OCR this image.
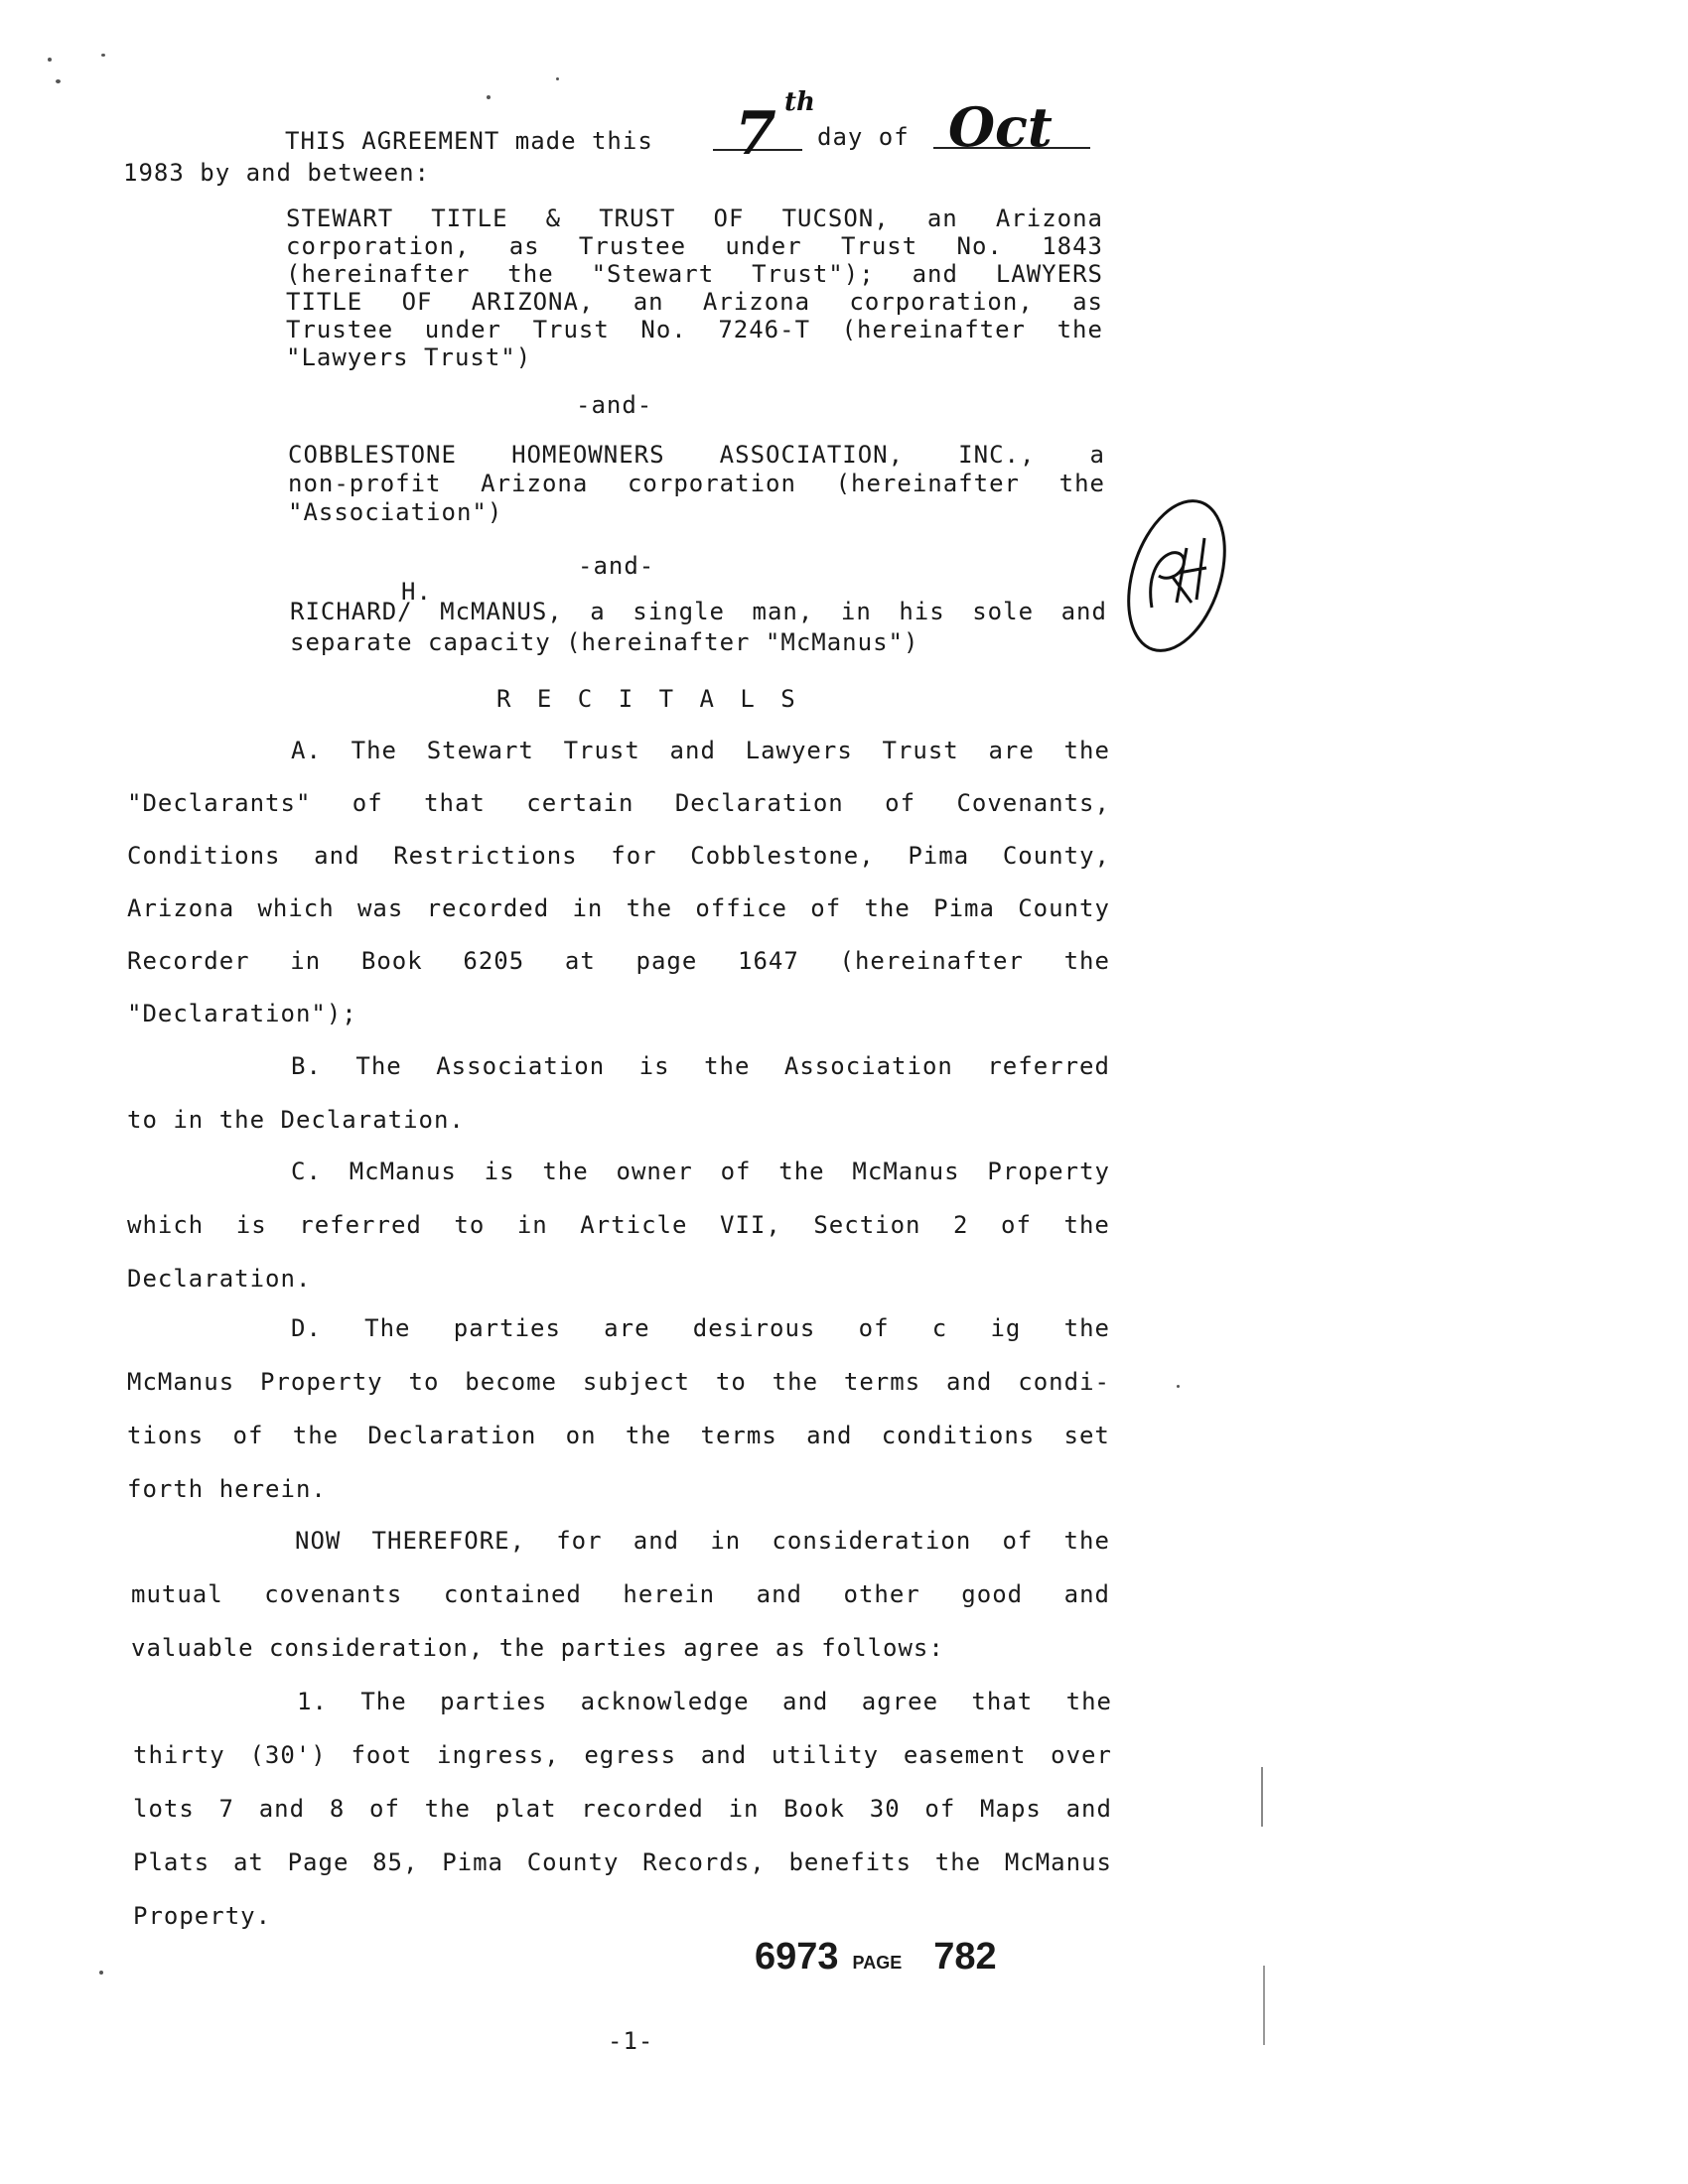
THIS AGREEMENT made this 7 th
day of Oct
1983 by and between:
STEWART TITLE & TRUST OF TUCSON, an Arizona
corporation, as Trustee under Trust No. 1843
(hereinafter the "Stewart Trust"); and LAWYERS
TITLE OF ARIZONA, an Arizona corporation, as
Trustee under Trust No. 7246-T (hereinafter the
"Lawyers Trust")
-and-
COBBLESTONE HOMEOWNERS ASSOCIATION, INC., a
non-profit Arizona corporation (hereinafter the
"Association")
-and-
H.
RICHARD/ McMANUS, a single man, in his sole and
separate capacity (hereinafter "McManus")
R E C I T A L S
A. The Stewart Trust and Lawyers Trust are the
"Declarants" of that certain Declaration of Covenants,
Conditions and Restrictions for Cobblestone, Pima County,
Arizona which was recorded in the office of the Pima County
Recorder in Book 6205 at page 1647 (hereinafter the
"Declaration");
B. The Association is the Association referred
to in the Declaration.
C. McManus is the owner of the McManus Property
which is referred to in Article VII, Section 2 of the
Declaration.
D. The parties are desirous of c ig the
McManus Property to become subject to the terms and condi-
tions of the Declaration on the terms and conditions set
forth herein.
NOW THEREFORE, for and in consideration of the
mutual covenants contained herein and other good and
valuable consideration, the parties agree as follows:
1. The parties acknowledge and agree that the
thirty (30') foot ingress, egress and utility easement over
lots 7 and 8 of the plat recorded in Book 30 of Maps and
Plats at Page 85, Pima County Records, benefits the McManus
Property.
6973 PAGE 782
-1-
